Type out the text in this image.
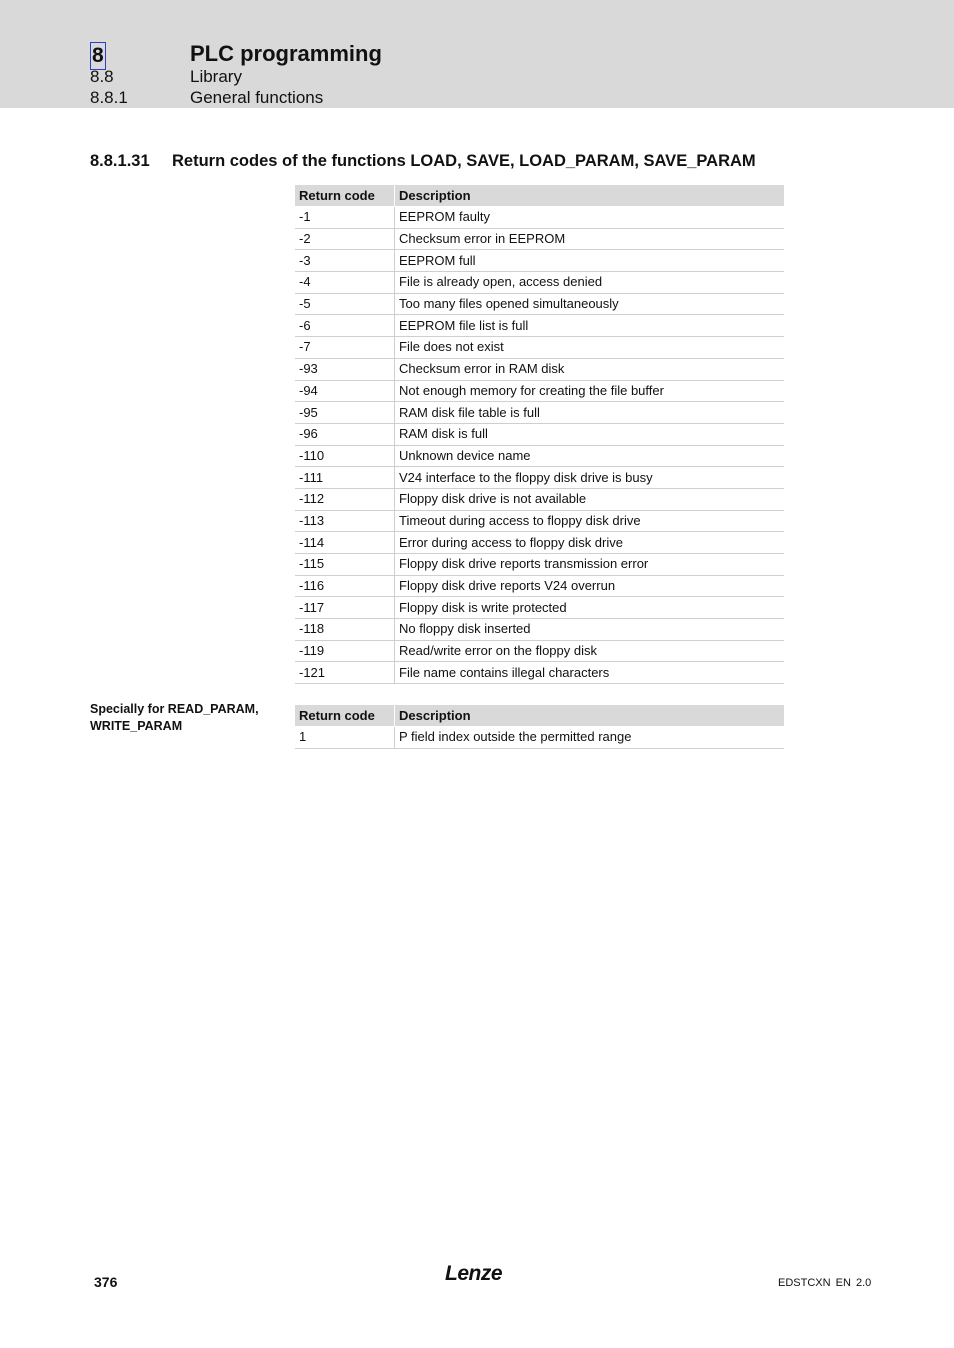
8	PLC programming
8.8	Library
8.8.1	General functions
8.8.1.31 Return codes of the functions LOAD, SAVE, LOAD_PARAM, SAVE_PARAM
Return code	Description
-1	EEPROM faulty
-2	Checksum error in EEPROM
-3	EEPROM full
-4	File is already open, access denied
-5	Too many files opened simultaneously
-6	EEPROM file list is full
-7	File does not exist
-93	Checksum error in RAM disk
-94	Not enough memory for creating the file buffer
-95	RAM disk file table is full
-96	RAM disk is full
-110	Unknown device name
-111	V24 interface to the floppy disk drive is busy
-112	Floppy disk drive is not available
-113	Timeout during access to floppy disk drive
-114	Error during access to floppy disk drive
-115	Floppy disk drive reports transmission error
-116	Floppy disk drive reports V24 overrun
-117	Floppy disk is write protected
-118	No floppy disk inserted
-119	Read/write error on the floppy disk
-121	File name contains illegal characters
Specially for READ_PARAM,
WRITE_PARAM
Return code	Description
1	P field index outside the permitted range
376	Lenze	EDSTCXN EN 2.0
